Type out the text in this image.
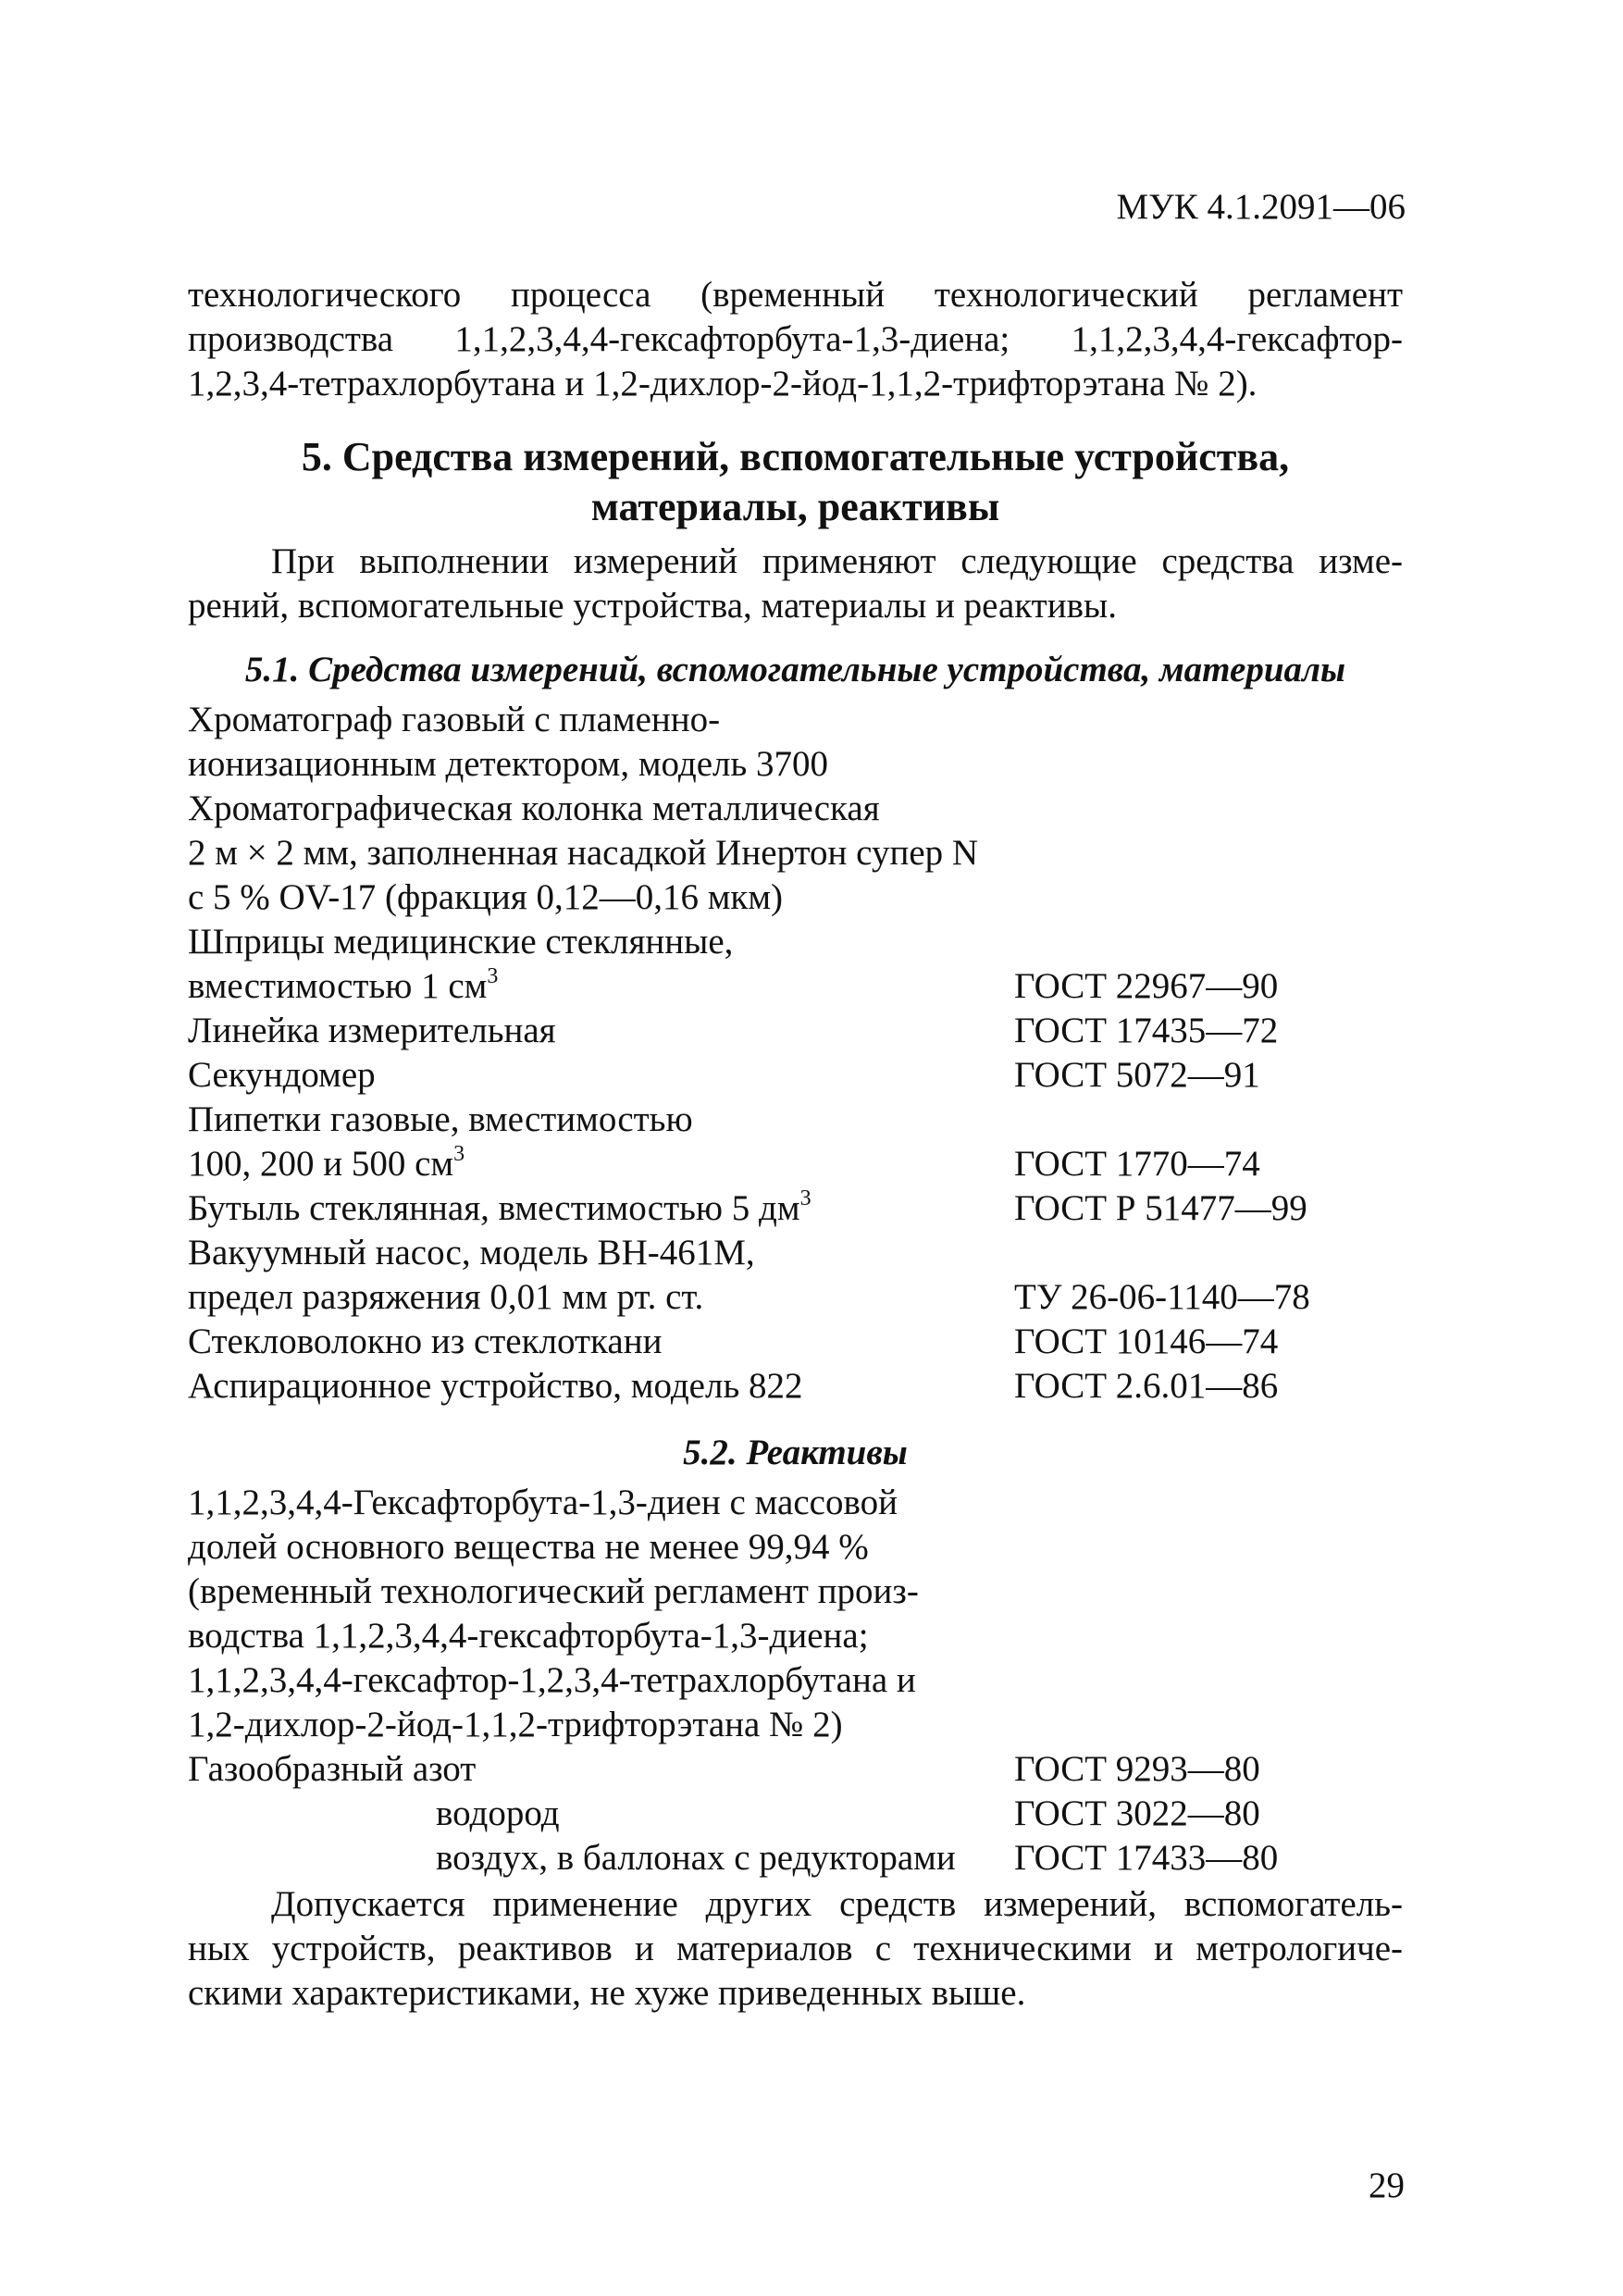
МУК 4.1.2091—06
технологического процесса (временный технологический регламент
производства 1,1,2,3,4,4-гексафторбута-1,3-диена; 1,1,2,3,4,4-гексафтор-
1,2,3,4-тетрахлорбутана и 1,2-дихлор-2-йод-1,1,2-трифторэтана № 2).
5. Средства измерений, вспомогательные устройства,
материалы, реактивы
При выполнении измерений применяют следующие средства изме-
рений, вспомогательные устройства, материалы и реактивы.
5.1. Средства измерений, вспомогательные устройства, материалы
Хроматограф газовый с пламенно-
ионизационным детектором, модель 3700
Хроматографическая колонка металлическая
2 м × 2 мм, заполненная насадкой Инертон супер N
с 5 % OV-17 (фракция 0,12—0,16 мкм)
Шприцы медицинские стеклянные,
вместимостью 1 $см^3$	ГОСТ 22967—90
Линейка измерительная	ГОСТ 17435—72
Секундомер	ГОСТ 5072—91
Пипетки газовые, вместимостью
100, 200 и 500 $см^3$	ГОСТ 1770—74
Бутыль стеклянная, вместимостью 5 $дм^3$	ГОСТ Р 51477—99
Вакуумный насос, модель ВН-461М,
предел разряжения 0,01 мм рт. ст.	ТУ 26-06-1140—78
Стекловолокно из стеклоткани	ГОСТ 10146—74
Аспирационное устройство, модель 822	ГОСТ 2.6.01—86
5.2. Реактивы
1,1,2,3,4,4-Гексафторбута-1,3-диен с массовой
долей основного вещества не менее 99,94 %
(временный технологический регламент произ-
водства 1,1,2,3,4,4-гексафторбута-1,3-диена;
1,1,2,3,4,4-гексафтор-1,2,3,4-тетрахлорбутана и
1,2-дихлор-2-йод-1,1,2-трифторэтана № 2)
Газообразный азот	ГОСТ 9293—80
водород	ГОСТ 3022—80
воздух, в баллонах с редукторами ГОСТ 17433—80
Допускается применение других средств измерений, вспомогатель-
ных устройств, реактивов и материалов с техническими и метрологиче-
скими характеристиками, не хуже приведенных выше.
29
